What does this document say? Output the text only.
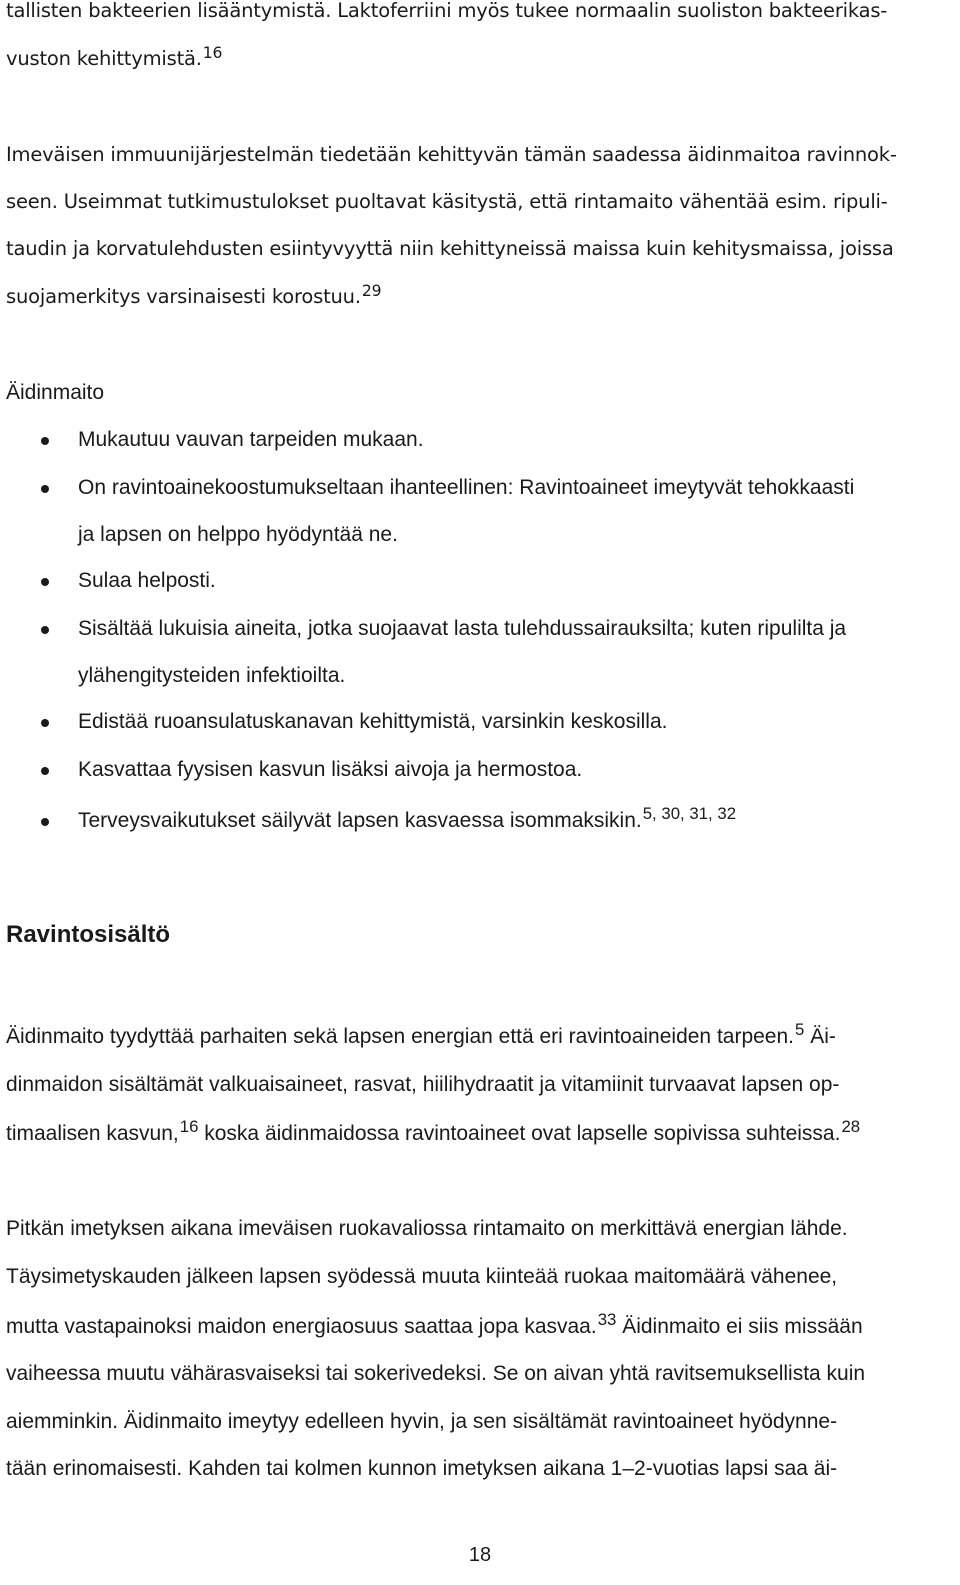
tallisten bakteerien lisääntymistä. Laktoferriini myös tukee normaalin suoliston bakteerikas-
vuston kehittymistä.$^{16}$
Imeväisen immuunijärjestelmän tiedetään kehittyvän tämän saadessa äidinmaitoa ravinnok-
seen. Useimmat tutkimustulokset puoltavat käsitystä, että rintamaito vähentää esim. ripuli-
taudin ja korvatulehdusten esiintyvyyttä niin kehittyneissä maissa kuin kehitysmaissa, joissa
suojamerkitys varsinaisesti korostuu.$^{29}$
Äidinmaito
Mukautuu vauvan tarpeiden mukaan.
On ravintoainekoostumukseltaan ihanteellinen: Ravintoaineet imeytyvät tehokkaasti
ja lapsen on helppo hyödyntää ne.
Sulaa helposti.
Sisältää lukuisia aineita, jotka suojaavat lasta tulehdussairauksilta; kuten ripulilta ja
ylähengitysteiden infektioilta.
Edistää ruoansulatuskanavan kehittymistä, varsinkin keskosilla.
Kasvattaa fyysisen kasvun lisäksi aivoja ja hermostoa.
Terveysvaikutukset säilyvät lapsen kasvaessa isommaksikin.$^{5, 30, 31, 32}$
Ravintosisältö
Äidinmaito tyydyttää parhaiten sekä lapsen energian että eri ravintoaineiden tarpeen.$^5$ Äi-
dinmaidon sisältämät valkuaisaineet, rasvat, hiilihydraatit ja vitamiinit turvaavat lapsen op-
timaalisen kasvun,$^{16}$ koska äidinmaidossa ravintoaineet ovat lapselle sopivissa suhteissa.$^{28}$
Pitkän imetyksen aikana imeväisen ruokavaliossa rintamaito on merkittävä energian lähde.
Täysimetyskauden jälkeen lapsen syödessä muuta kiinteää ruokaa maitomäärä vähenee,
mutta vastapainoksi maidon energiaosuus saattaa jopa kasvaa.$^{33}$ Äidinmaito ei siis missään
vaiheessa muutu vähärasvaiseksi tai sokerivedeksi. Se on aivan yhtä ravitsemuksellista kuin
aiemminkin. Äidinmaito imeytyy edelleen hyvin, ja sen sisältämät ravintoaineet hyödynne-
tään erinomaisesti. Kahden tai kolmen kunnon imetyksen aikana 1–2-vuotias lapsi saa äi-
18
